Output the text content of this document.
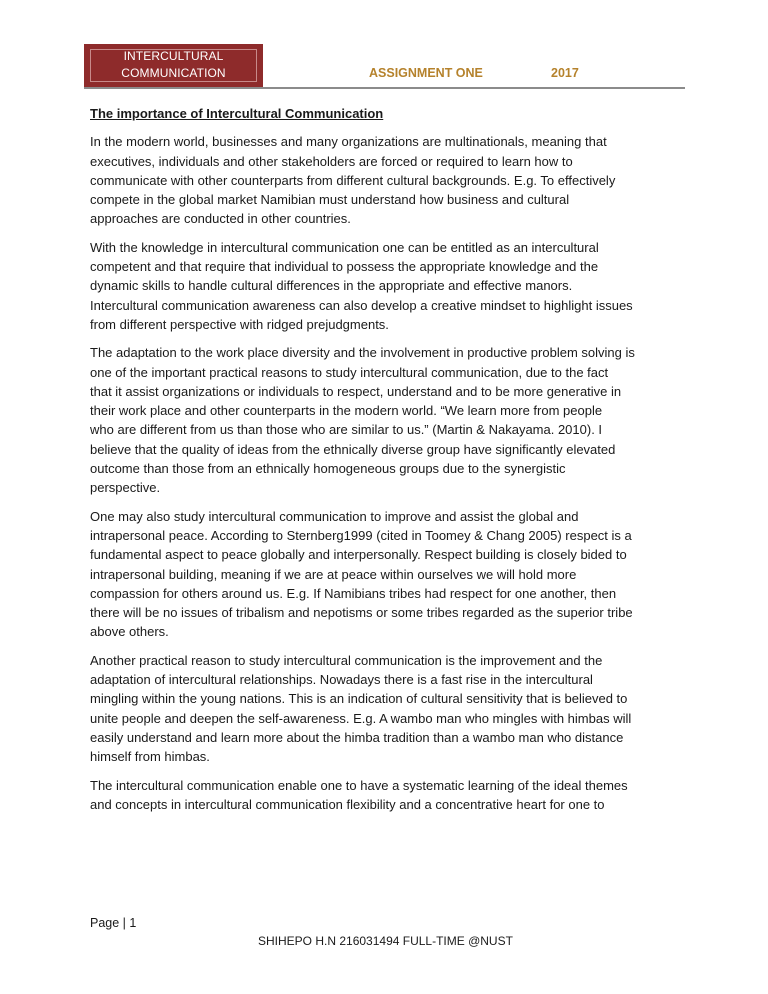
INTERCULTURAL
COMMUNICATION	ASSIGNMENT ONE	2017
The importance of Intercultural Communication
In the modern world, businesses and many organizations are multinationals, meaning that
executives, individuals and other stakeholders are forced or required to learn how to
communicate with other counterparts from different cultural backgrounds. E.g. To effectively
compete in the global market Namibian must understand how business and cultural
approaches are conducted in other countries.
With the knowledge in intercultural communication one can be entitled as an intercultural
competent and that require that individual to possess the appropriate knowledge and the
dynamic skills to handle cultural differences in the appropriate and effective manors.
Intercultural communication awareness can also develop a creative mindset to highlight issues
from different perspective with ridged prejudgments.
The adaptation to the work place diversity and the involvement in productive problem solving is
one of the important practical reasons to study intercultural communication, due to the fact
that it assist organizations or individuals to respect, understand and to be more generative in
their work place and other counterparts in the modern world. “We learn more from people
who are different from us than those who are similar to us.” (Martin & Nakayama. 2010). I
believe that the quality of ideas from the ethnically diverse group have significantly elevated
outcome than those from an ethnically homogeneous groups due to the synergistic
perspective.
One may also study intercultural communication to improve and assist the global and
intrapersonal peace. According to Sternberg1999 (cited in Toomey & Chang 2005) respect is a
fundamental aspect to peace globally and interpersonally. Respect building is closely bided to
intrapersonal building, meaning if we are at peace within ourselves we will hold more
compassion for others around us. E.g. If Namibians tribes had respect for one another, then
there will be no issues of tribalism and nepotisms or some tribes regarded as the superior tribe
above others.
Another practical reason to study intercultural communication is the improvement and the
adaptation of intercultural relationships. Nowadays there is a fast rise in the intercultural
mingling within the young nations. This is an indication of cultural sensitivity that is believed to
unite people and deepen the self-awareness. E.g. A wambo man who mingles with himbas will
easily understand and learn more about the himba tradition than a wambo man who distance
himself from himbas.
The intercultural communication enable one to have a systematic learning of the ideal themes
and concepts in intercultural communication flexibility and a concentrative heart for one to
Page | 1
SHIHEPO H.N 216031494 FULL-TIME @NUST
